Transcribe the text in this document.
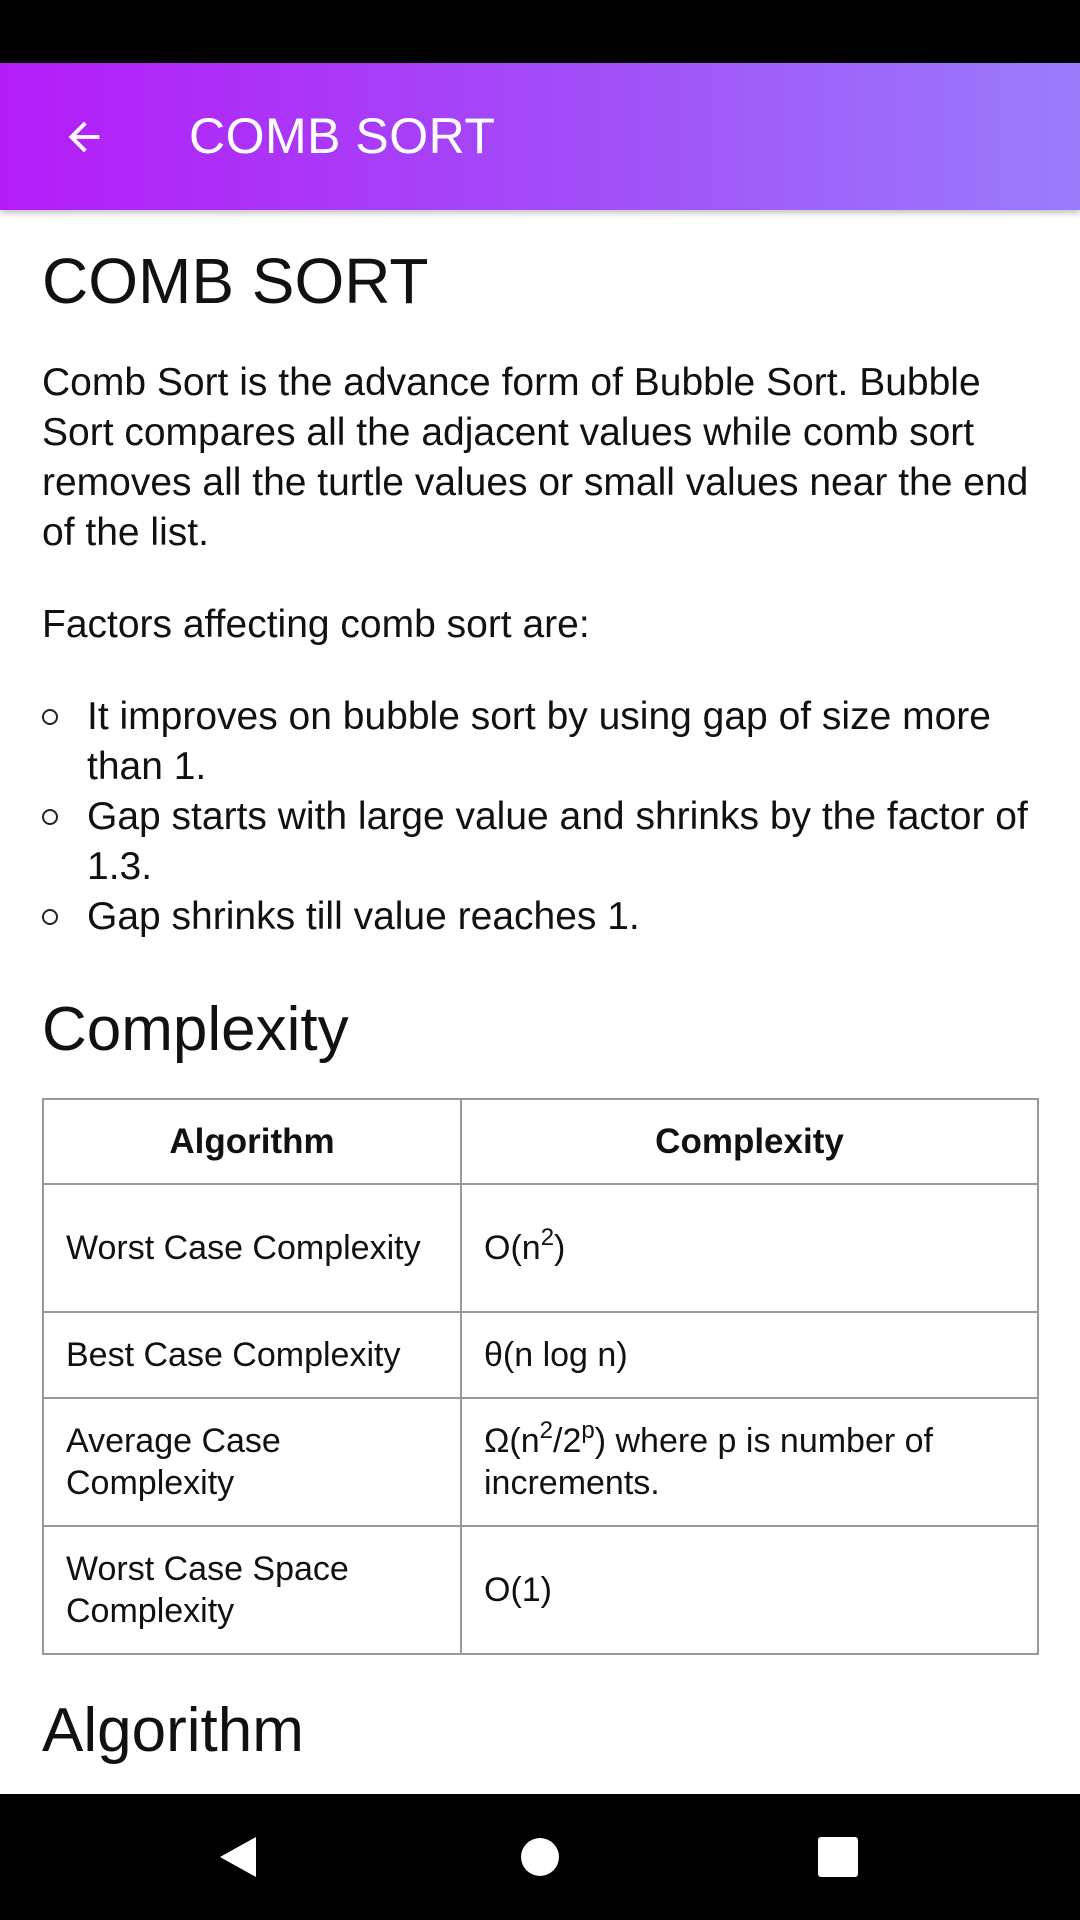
COMB SORT
COMB SORT

Comb Sort is the advance form of Bubble Sort. Bubble Sort compares all the adjacent values while comb sort removes all the turtle values or small values near the end of the list.

Factors affecting comb sort are:

It improves on bubble sort by using gap of size more than 1.
Gap starts with large value and shrinks by the factor of 1.3.
Gap shrinks till value reaches 1.
Complexity
Algorithm	Complexity
Worst Case Complexity	$O(n^2)$
Best Case Complexity	θ(n log n)
Average Case Complexity	$\Omega(n^2/2^p)$ where p is number of increments.
Worst Case Space Complexity	O(1)
Algorithm
